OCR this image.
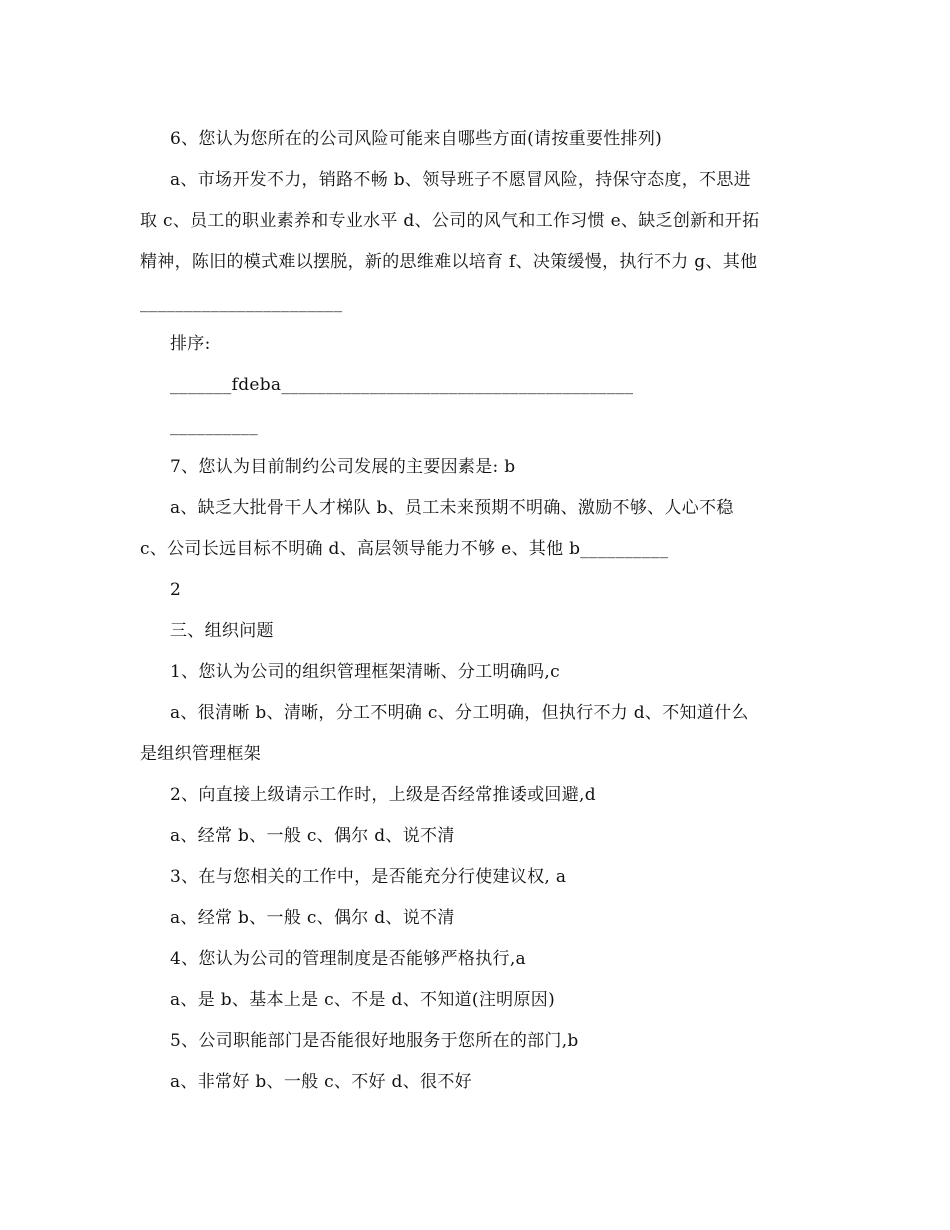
6、您认为您所在的公司风险可能来自哪些方面(请按重要性排列)
a、市场开发不力，销路不畅 b、领导班子不愿冒风险，持保守态度，不思进
取 c、员工的职业素养和专业水平 d、公司的风气和工作习惯 e、缺乏创新和开拓
精神，陈旧的模式难以摆脱，新的思维难以培育 f、决策缓慢，执行不力 g、其他
_______________________
排序:
_______fdeba________________________________________
__________
7、您认为目前制约公司发展的主要因素是: b
a、缺乏大批骨干人才梯队 b、员工未来预期不明确、激励不够、人心不稳
c、公司长远目标不明确 d、高层领导能力不够 e、其他 b__________
2
三、组织问题
1、您认为公司的组织管理框架清晰、分工明确吗,c
a、很清晰 b、清晰，分工不明确 c、分工明确，但执行不力 d、不知道什么
是组织管理框架
2、向直接上级请示工作时，上级是否经常推诿或回避,d
a、经常 b、一般 c、偶尔 d、说不清
3、在与您相关的工作中，是否能充分行使建议权, a
a、经常 b、一般 c、偶尔 d、说不清
4、您认为公司的管理制度是否能够严格执行,a
a、是 b、基本上是 c、不是 d、不知道(注明原因)
5、公司职能部门是否能很好地服务于您所在的部门,b
a、非常好 b、一般 c、不好 d、很不好
